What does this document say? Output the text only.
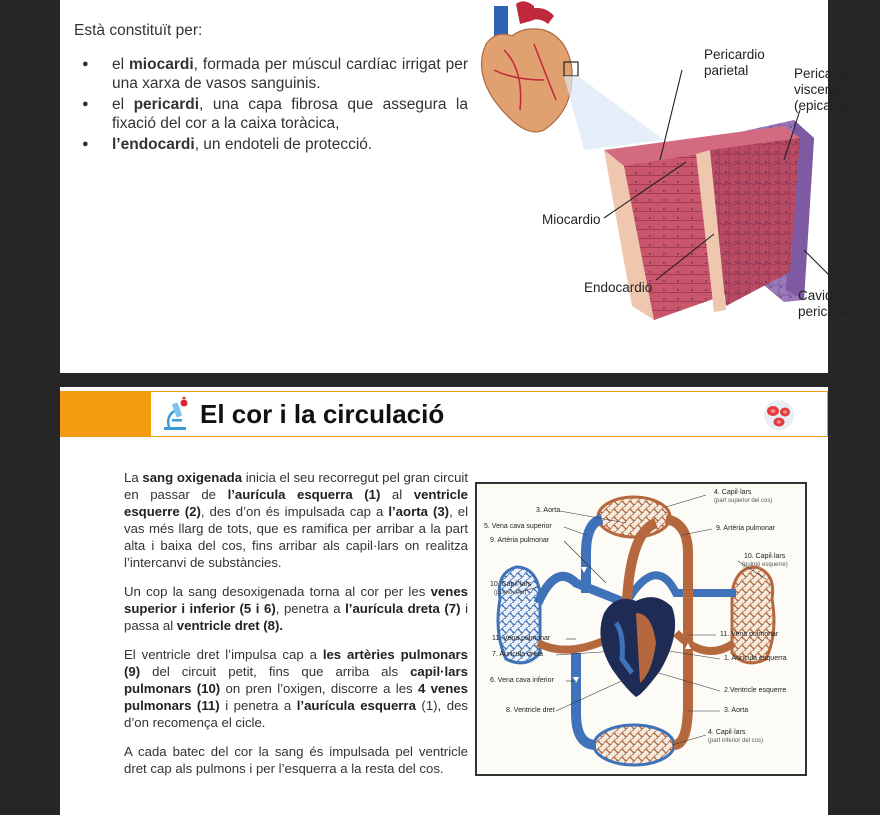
Està constituït per:
● el miocardi, formada per múscul cardíac irrigat per una xarxa de vasos sanguinis.
● el pericardi, una capa fibrosa que assegura la fixació del cor a la caixa toràcica,
● l’endocardi, un endoteli de protecció.
Pericardio
parietal	Pericardio
visceral
(epicardio)
Miocardio
Endocardio
Cavidad
pericárdica
El cor i la circulació

La sang oxigenada inicia el seu recorregut pel gran circuit en passar de l’aurícula esquerra (1) al ventricle esquerre (2), des d’on és impulsada cap a l’aorta (3), el vas més llarg de tots, que es ramifica per arribar a la part alta i baixa del cos, fins arribar als capil·lars on realitza l’intercanvi de substàncies.

Un cop la sang desoxigenada torna al cor per les venes superior i inferior (5 i 6), penetra a l’aurícula dreta (7) i passa al ventricle dret (8).

El ventricle dret l’impulsa cap a les artèries pulmonars (9) del circuit petit, fins que arriba als capil·lars pulmonars (10) on pren l’oxigen, discorre a les 4 venes pulmonars (11) i penetra a l’aurícula esquerra (1), des d’on recomença el cicle.

A cada batec del cor la sang és impulsada pel ventricle dret cap als pulmons i per l’esquerra a la resta del cos.

4. Capil·lars
(part superior del cos)
3. Aorta
9. Artèria pulmonar
5. Vena cava superior
9. Artèria pulmonar
10. Capil·lars
(pulmó esquerre)
10. Capil·lars
(pulmó dret)
11. Vena pulmonar
11. Vena pulmonar
7. Aurícula dreta
1. Aurícula esquerra
6. Vena cava inferior
2.Ventricle esquerre
8. Ventricle dret	3. Aorta
4. Capil·lars
(part inferior del cos)
